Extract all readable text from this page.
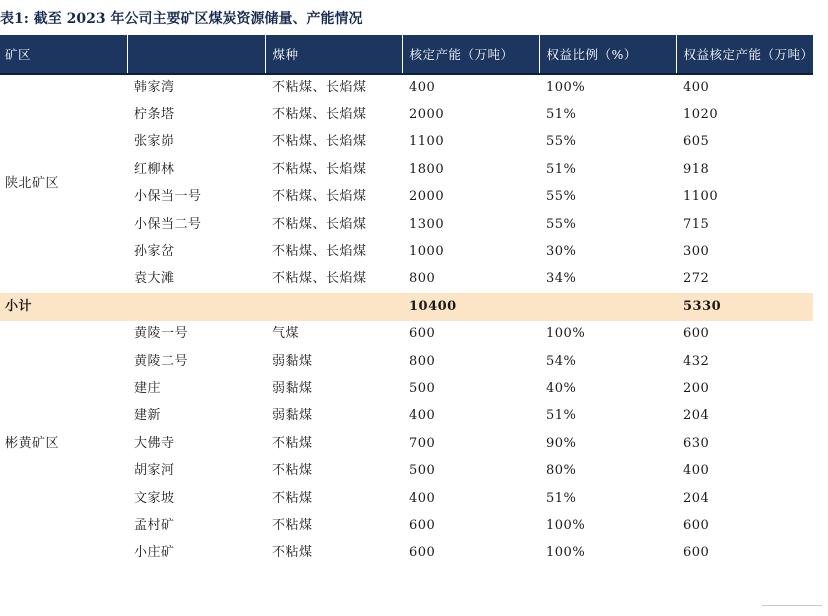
表1: 截至 2023 年公司主要矿区煤炭资源储量、产能情况
矿区		煤种	核定产能（万吨）	权益比例（%）	权益核定产能（万吨）
陕北矿区	韩家湾	不粘煤、长焰煤	400	100%	400
	柠条塔	不粘煤、长焰煤	2000	51%	1020
	张家峁	不粘煤、长焰煤	1100	55%	605
	红柳林	不粘煤、长焰煤	1800	51%	918
	小保当一号	不粘煤、长焰煤	2000	55%	1100
	小保当二号	不粘煤、长焰煤	1300	55%	715
	孙家岔	不粘煤、长焰煤	1000	30%	300
	袁大滩	不粘煤、长焰煤	800	34%	272
小计			10400		5330
彬黄矿区	黄陵一号	气煤	600	100%	600
	黄陵二号	弱黏煤	800	54%	432
	建庄	弱黏煤	500	40%	200
	建新	弱黏煤	400	51%	204
	大佛寺	不粘煤	700	90%	630
	胡家河	不粘煤	500	80%	400
	文家坡	不粘煤	400	51%	204
	孟村矿	不粘煤	600	100%	600
	小庄矿	不粘煤	600	100%	600
